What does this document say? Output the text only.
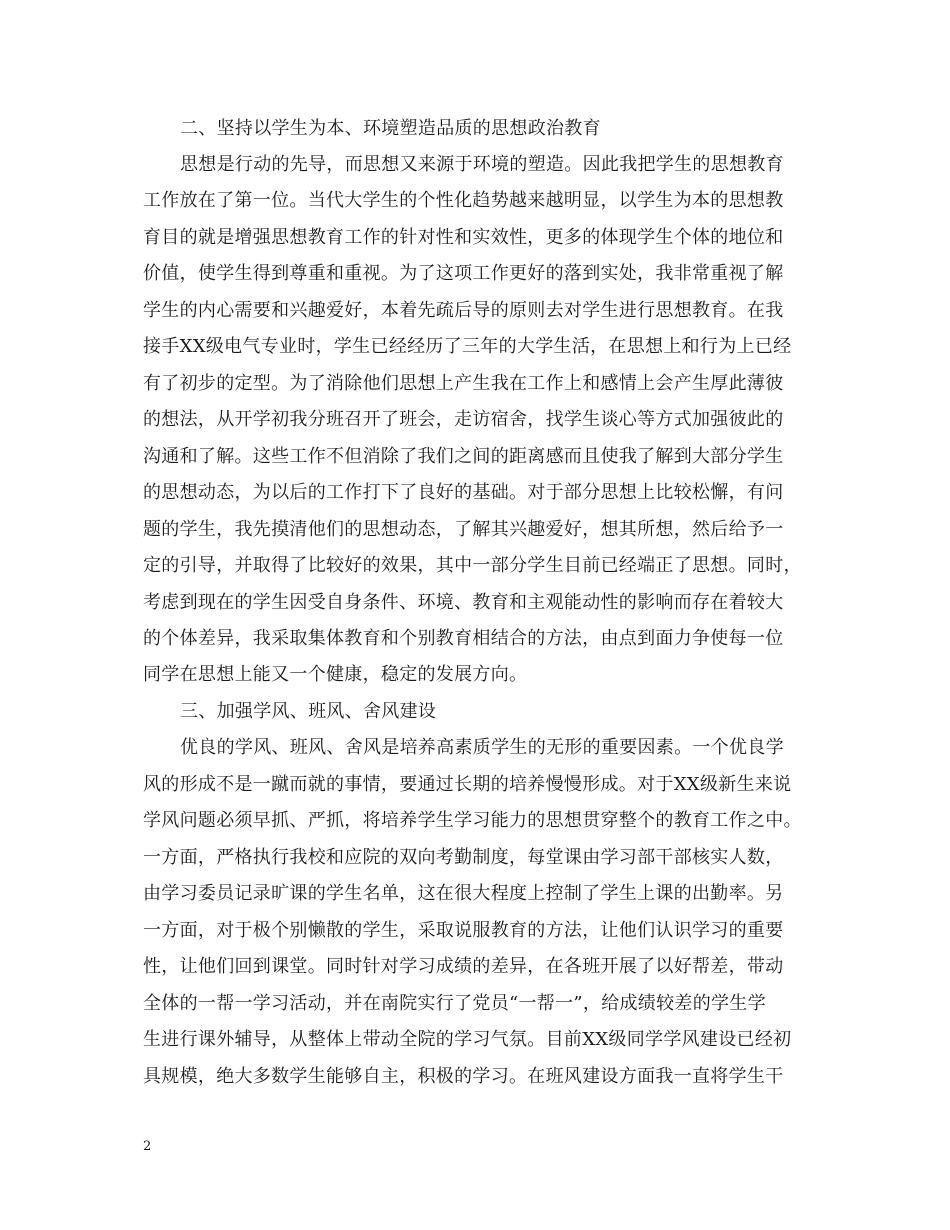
二、坚持以学生为本、环境塑造品质的思想政治教育
思想是行动的先导，而思想又来源于环境的塑造。因此我把学生的思想教育
工作放在了第一位。当代大学生的个性化趋势越来越明显，以学生为本的思想教
育目的就是增强思想教育工作的针对性和实效性，更多的体现学生个体的地位和
价值，使学生得到尊重和重视。为了这项工作更好的落到实处，我非常重视了解
学生的内心需要和兴趣爱好，本着先疏后导的原则去对学生进行思想教育。在我
接手XX级电气专业时，学生已经经历了三年的大学生活，在思想上和行为上已经
有了初步的定型。为了消除他们思想上产生我在工作上和感情上会产生厚此薄彼
的想法，从开学初我分班召开了班会，走访宿舍，找学生谈心等方式加强彼此的
沟通和了解。这些工作不但消除了我们之间的距离感而且使我了解到大部分学生
的思想动态，为以后的工作打下了良好的基础。对于部分思想上比较松懈，有问
题的学生，我先摸清他们的思想动态，了解其兴趣爱好，想其所想，然后给予一
定的引导，并取得了比较好的效果，其中一部分学生目前已经端正了思想。同时，
考虑到现在的学生因受自身条件、环境、教育和主观能动性的影响而存在着较大
的个体差异，我采取集体教育和个别教育相结合的方法，由点到面力争使每一位
同学在思想上能又一个健康，稳定的发展方向。
三、加强学风、班风、舍风建设
优良的学风、班风、舍风是培养高素质学生的无形的重要因素。一个优良学
风的形成不是一蹴而就的事情，要通过长期的培养慢慢形成。对于XX级新生来说
学风问题必须早抓、严抓，将培养学生学习能力的思想贯穿整个的教育工作之中。
一方面，严格执行我校和应院的双向考勤制度，每堂课由学习部干部核实人数，
由学习委员记录旷课的学生名单，这在很大程度上控制了学生上课的出勤率。另
一方面，对于极个别懒散的学生，采取说服教育的方法，让他们认识学习的重要
性，让他们回到课堂。同时针对学习成绩的差异，在各班开展了以好帮差，带动
全体的一帮一学习活动，并在南院实行了党员“一帮一”，给成绩较差的学生学
生进行课外辅导，从整体上带动全院的学习气氛。目前XX级同学学风建设已经初
具规模，绝大多数学生能够自主，积极的学习。在班风建设方面我一直将学生干
2
